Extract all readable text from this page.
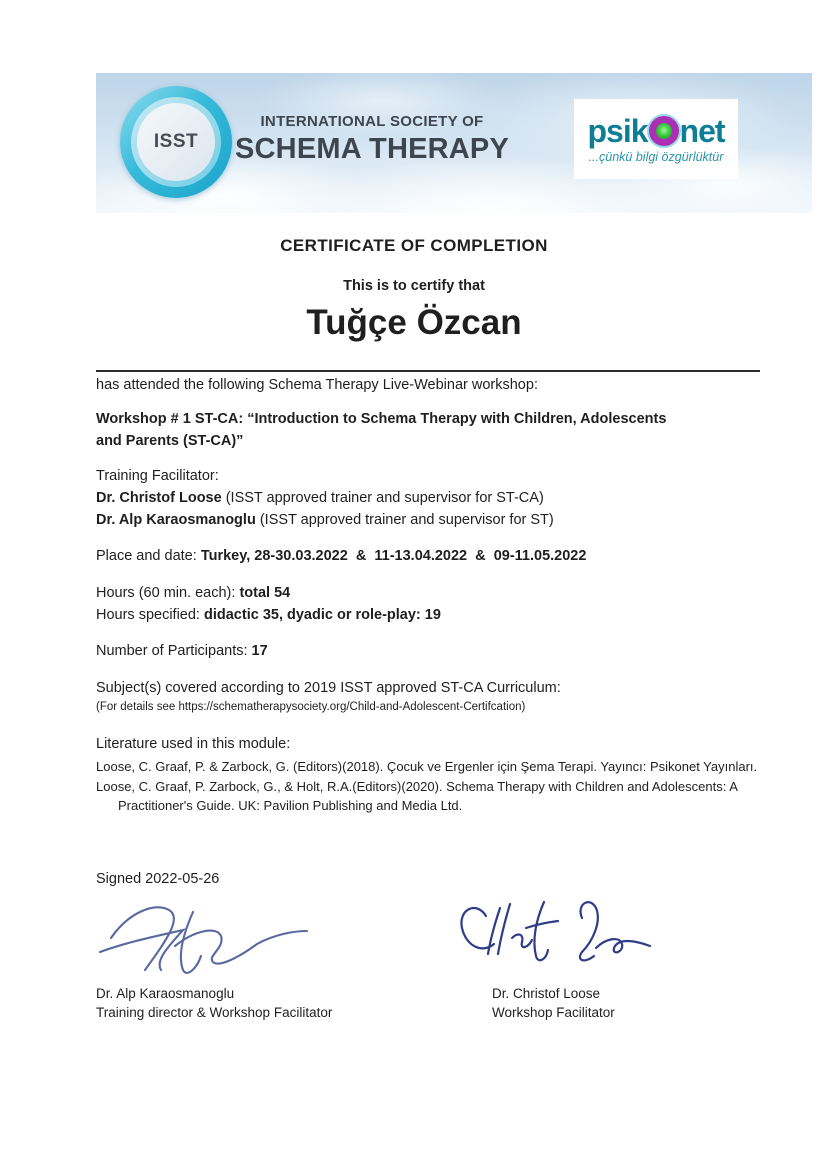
ISST
INTERNATIONAL SOCIETY OF
SCHEMA THERAPY
psik net
...çünkü bilgi özgürlüktür
CERTIFICATE OF COMPLETION
This is to certify that
Tuğçe Özcan
has attended the following Schema Therapy Live-Webinar workshop:
Workshop # 1 ST-CA: “Introduction to Schema Therapy with Children, Adolescents and Parents (ST-CA)”
Training Facilitator:
Dr. Christof Loose (ISST approved trainer and supervisor for ST-CA)
Dr. Alp Karaosmanoglu (ISST approved trainer and supervisor for ST)
Place and date: Turkey, 28-30.03.2022  &  11-13.04.2022  &  09-11.05.2022
Hours (60 min. each): total 54
Hours specified: didactic 35, dyadic or role-play: 19
Number of Participants: 17
Subject(s) covered according to 2019 ISST approved ST-CA Curriculum:
(For details see https://schematherapysociety.org/Child-and-Adolescent-Certifcation)
Literature used in this module:
Loose, C. Graaf, P. & Zarbock, G. (Editors)(2018). Çocuk ve Ergenler için Şema Terapi. Yayıncı: Psikonet Yayınları.
Loose, C. Graaf, P. Zarbock, G., & Holt, R.A.(Editors)(2020). Schema Therapy with Children and Adolescents: A Practitioner's Guide. UK: Pavilion Publishing and Media Ltd.
Signed 2022-05-26
Dr. Alp Karaosmanoglu
Training director & Workshop Facilitator
Dr. Christof Loose
Workshop Facilitator
